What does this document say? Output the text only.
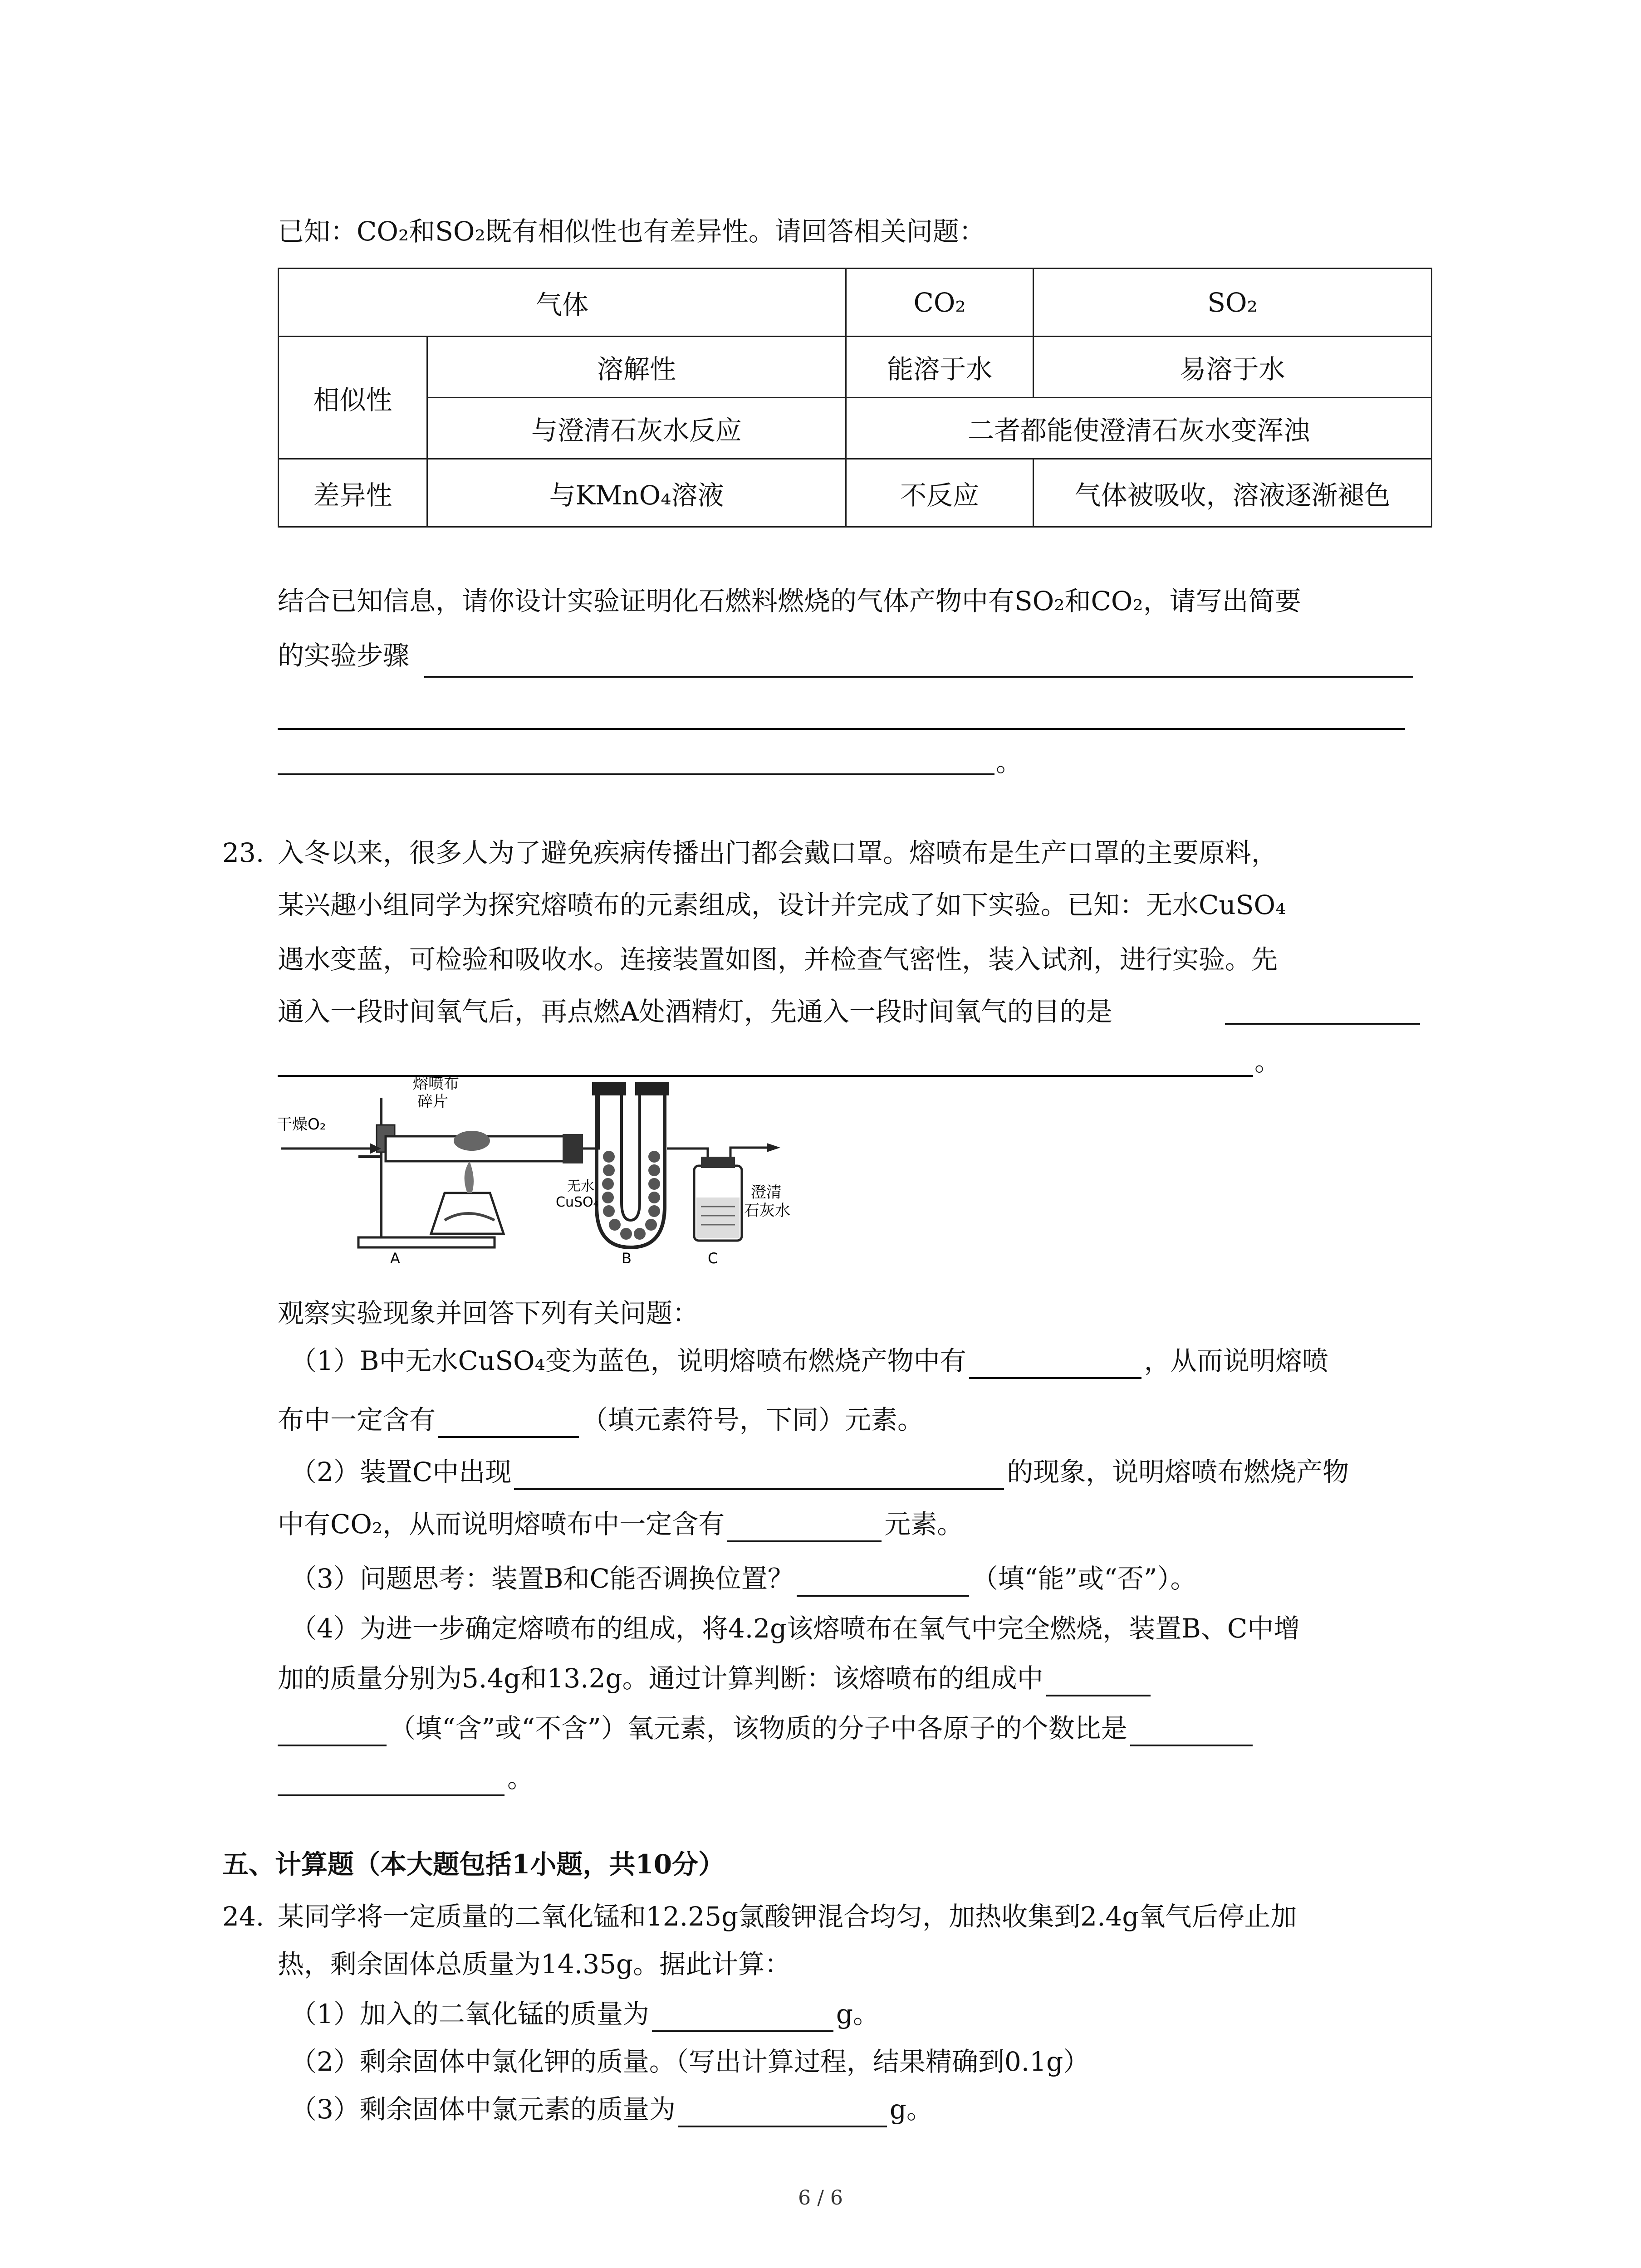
已知：CO₂和SO₂既有相似性也有差异性。请回答相关问题：
气体		CO₂	SO₂
相似性	溶解性	能溶于水	易溶于水
	与澄清石灰水反应	二者都能使澄清石灰水变浑浊	
差异性	与KMnO₄溶液	不反应	气体被吸收，溶液逐渐褪色
结合已知信息，请你设计实验证明化石燃料燃烧的气体产物中有SO₂和CO₂，请写出简要
的实验步骤
。
23. 入冬以来，很多人为了避免疾病传播出门都会戴口罩。熔喷布是生产口罩的主要原料，
某兴趣小组同学为探究熔喷布的元素组成，设计并完成了如下实验。已知：无水CuSO₄
遇水变蓝，可检验和吸收水。连接装置如图，并检查气密性，装入试剂，进行实验。先
通入一段时间氧气后，再点燃A处酒精灯，先通入一段时间氧气的目的是
。
干燥O₂
熔喷布
碎片
无水
CuSO₄
澄清
石灰水
A	B	C
观察实验现象并回答下列有关问题：
（1）B中无水CuSO₄变为蓝色，说明熔喷布燃烧产物中有	，从而说明熔喷
布中一定含有	（填元素符号，下同）元素。
（2）装置C中出现	的现象，说明熔喷布燃烧产物
中有CO₂，从而说明熔喷布中一定含有	元素。
（3）问题思考：装置B和C能否调换位置？	（填“能”或“否”）。
（4）为进一步确定熔喷布的组成，将4.2g该熔喷布在氧气中完全燃烧，装置B、C中增
加的质量分别为5.4g和13.2g。通过计算判断：该熔喷布的组成中
（填“含”或“不含”）氧元素，该物质的分子中各原子的个数比是
。
五、计算题（本大题包括1小题，共10分）
24. 某同学将一定质量的二氧化锰和12.25g氯酸钾混合均匀，加热收集到2.4g氧气后停止加
热，剩余固体总质量为14.35g。据此计算：
（1）加入的二氧化锰的质量为	g。
（2）剩余固体中氯化钾的质量。（写出计算过程，结果精确到0.1g）
（3）剩余固体中氯元素的质量为	g。
6 / 6
